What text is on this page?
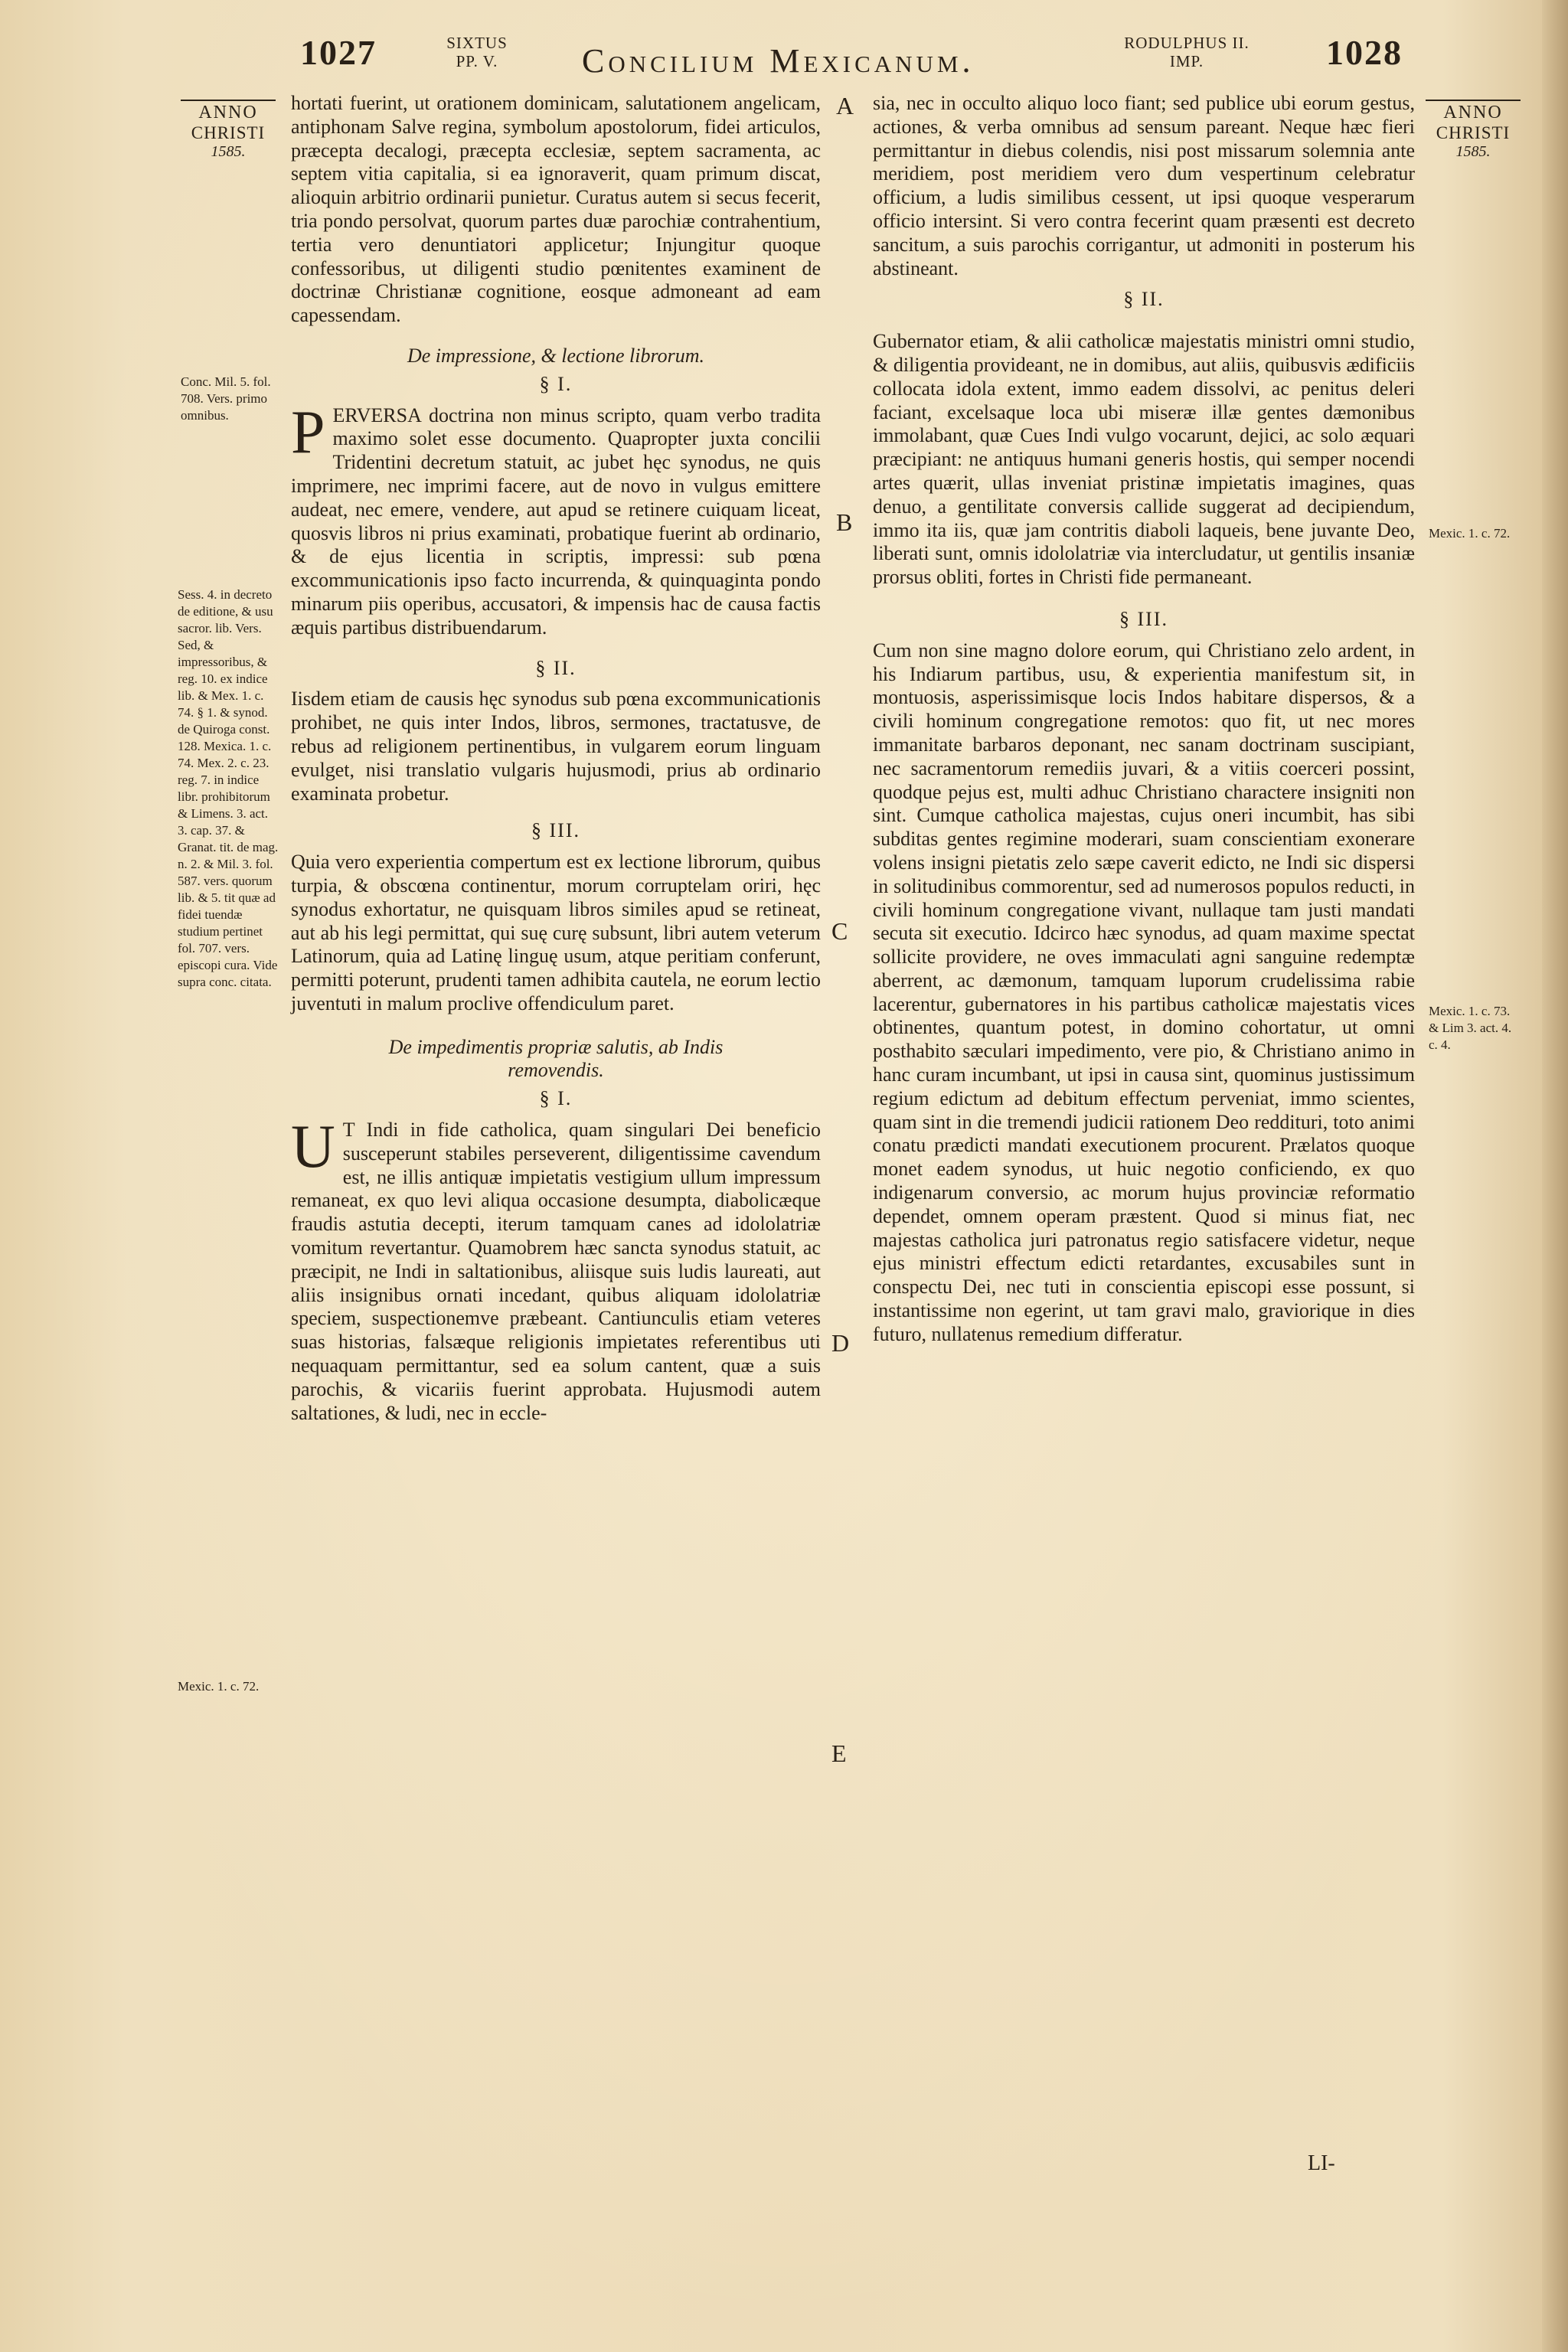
1027	SIXTUS
PP. V.	Concilium Mexicanum.	RODULPHUS II.
IMP.	1028
ANNO
CHRISTI
1585.
ANNO
CHRISTI
1585.
A
B
C
D
E
Conc. Mil. 5. fol. 708. Vers. primo omnibus.
Sess. 4. in decreto de editione, & usu sacror. lib. Vers. Sed, & impressoribus, & reg. 10. ex indice lib. & Mex. 1. c. 74. § 1. & synod. de Quiroga const. 128. Mexica. 1. c. 74. Mex. 2. c. 23. reg. 7. in indice libr. prohibitorum & Limens. 3. act. 3. cap. 37. & Granat. tit. de mag. n. 2. & Mil. 3. fol. 587. vers. quorum lib. & 5. tit quæ ad fidei tuendæ studium pertinet fol. 707. vers. episcopi cura. Vide supra conc. citata.
Mexic. 1. c. 72.
Mexic. 1. c. 72.
Mexic. 1. c. 73. & Lim 3. act. 4. c. 4.

hortati fuerint, ut orationem dominicam, salutationem angelicam, antiphonam Salve regina, symbolum apostolorum, fidei articulos, præcepta decalogi, præcepta ecclesiæ, septem sacramenta, ac septem vitia capitalia, si ea ignoraverit, quam primum discat, alioquin arbitrio ordinarii punietur. Curatus autem si secus fecerit, tria pondo persolvat, quorum partes duæ parochiæ contrahentium, tertia vero denuntiatori applicetur; Injungitur quoque confessoribus, ut diligenti studio pœnitentes examinent de doctrinæ Christianæ cognitione, eosque admoneant ad eam capessendam.

De impressione, & lectione librorum.
§ I.
P ERVERSA doctrina non minus scripto, quam verbo tradita maximo solet esse documento. Quapropter juxta concilii Tridentini decretum statuit, ac jubet hęc synodus, ne quis imprimere, nec imprimi facere, aut de novo in vulgus emittere audeat, nec emere, vendere, aut apud se retinere cuiquam liceat, quosvis libros ni prius examinati, probatique fuerint ab ordinario, & de ejus licentia in scriptis, impressi: sub pœna excommunicationis ipso facto incurrenda, & quinquaginta pondo minarum piis operibus, accusatori, & impensis hac de causa factis æquis partibus distribuendarum.
§ II.

Iisdem etiam de causis hęc synodus sub pœna excommunicationis prohibet, ne quis inter Indos, libros, sermones, tractatusve, de rebus ad religionem pertinentibus, in vulgarem eorum linguam evulget, nisi translatio vulgaris hujusmodi, prius ab ordinario examinata probetur.

§ III.

Quia vero experientia compertum est ex lectione librorum, quibus turpia, & obscœna continentur, morum corruptelam oriri, hęc synodus exhortatur, ne quisquam libros similes apud se retineat, aut ab his legi permittat, qui suę curę subsunt, libri autem veterum Latinorum, quia ad Latinę linguę usum, atque peritiam conferunt, permitti poterunt, prudenti tamen adhibita cautela, ne eorum lectio juventuti in malum proclive offendiculum paret.

De impedimentis propriæ salutis, ab Indis
removendis.
§ I.
U T Indi in fide catholica, quam singulari Dei beneficio susceperunt stabiles perseverent, diligentissime cavendum est, ne illis antiquæ impietatis vestigium ullum impressum remaneat, ex quo levi aliqua occasione desumpta, diabolicæque fraudis astutia decepti, iterum tamquam canes ad idololatriæ vomitum revertantur. Quamobrem hæc sancta synodus statuit, ac præcipit, ne Indi in saltationibus, aliisque suis ludis laureati, aut aliis insignibus ornati incedant, quibus aliquam idololatriæ speciem, suspectionemve præbeant. Cantiunculis etiam veteres suas historias, falsæque religionis impietates referentibus uti nequaquam permittantur, sed ea solum cantent, quæ a suis parochis, & vicariis fuerint approbata. Hujusmodi autem saltationes, & ludi, nec in eccle-

sia, nec in occulto aliquo loco fiant; sed publice ubi eorum gestus, actiones, & verba omnibus ad sensum pareant. Neque hæc fieri permittantur in diebus colendis, nisi post missarum solemnia ante meridiem, post meridiem vero dum vespertinum celebratur officium, a ludis similibus cessent, ut ipsi quoque vesperarum officio intersint. Si vero contra fecerint quam præsenti est decreto sancitum, a suis parochis corrigantur, ut admoniti in posterum his abstineant.

§ II.

Gubernator etiam, & alii catholicæ majestatis ministri omni studio, & diligentia provideant, ne in domibus, aut aliis, quibusvis ædificiis collocata idola extent, immo eadem dissolvi, ac penitus deleri faciant, excelsaque loca ubi miseræ illæ gentes dæmonibus immolabant, quæ Cues Indi vulgo vocarunt, dejici, ac solo æquari præcipiant: ne antiquus humani generis hostis, qui semper nocendi artes quærit, ullas inveniat pristinæ impietatis imagines, quas denuo, a gentilitate conversis callide suggerat ad decipiendum, immo ita iis, quæ jam contritis diaboli laqueis, bene juvante Deo, liberati sunt, omnis idololatriæ via intercludatur, ut gentilis insaniæ prorsus obliti, fortes in Christi fide permaneant.

§ III.

Cum non sine magno dolore eorum, qui Christiano zelo ardent, in his Indiarum partibus, usu, & experientia manifestum sit, in montuosis, asperissimisque locis Indos habitare dispersos, & a civili hominum congregatione remotos: quo fit, ut nec mores immanitate barbaros deponant, nec sanam doctrinam suscipiant, nec sacramentorum remediis juvari, & a vitiis coerceri possint, quodque pejus est, multi adhuc Christiano charactere insigniti non sint. Cumque catholica majestas, cujus oneri incumbit, has sibi subditas gentes regimine moderari, suam conscientiam exonerare volens insigni pietatis zelo sæpe caverit edicto, ne Indi sic dispersi in solitudinibus commorentur, sed ad numerosos populos reducti, in civili hominum congregatione vivant, nullaque tam justi mandati secuta sit executio. Idcirco hæc synodus, ad quam maxime spectat sollicite providere, ne oves immaculati agni sanguine redemptæ aberrent, ac dæmonum, tamquam luporum crudelissima rabie lacerentur, gubernatores in his partibus catholicæ majestatis vices obtinentes, quantum potest, in domino cohortatur, ut omni posthabito sæculari impedimento, vere pio, & Christiano animo in hanc curam incumbant, ut ipsi in causa sint, quominus justissimum regium edictum ad debitum effectum perveniat, immo scientes, quam sint in die tremendi judicii rationem Deo reddituri, toto animi conatu prædicti mandati executionem procurent. Prælatos quoque monet eadem synodus, ut huic negotio conficiendo, ex quo indigenarum conversio, ac morum hujus provinciæ reformatio dependet, omnem operam præstent. Quod si minus fiat, nec majestas catholica juri patronatus regio satisfacere videtur, neque ejus ministri effectum edicti retardantes, excusabiles sunt in conspectu Dei, nec tuti in conscientia episcopi esse possunt, si instantissime non egerint, ut tam gravi malo, graviorique in dies futuro, nullatenus remedium differatur.

LI-
